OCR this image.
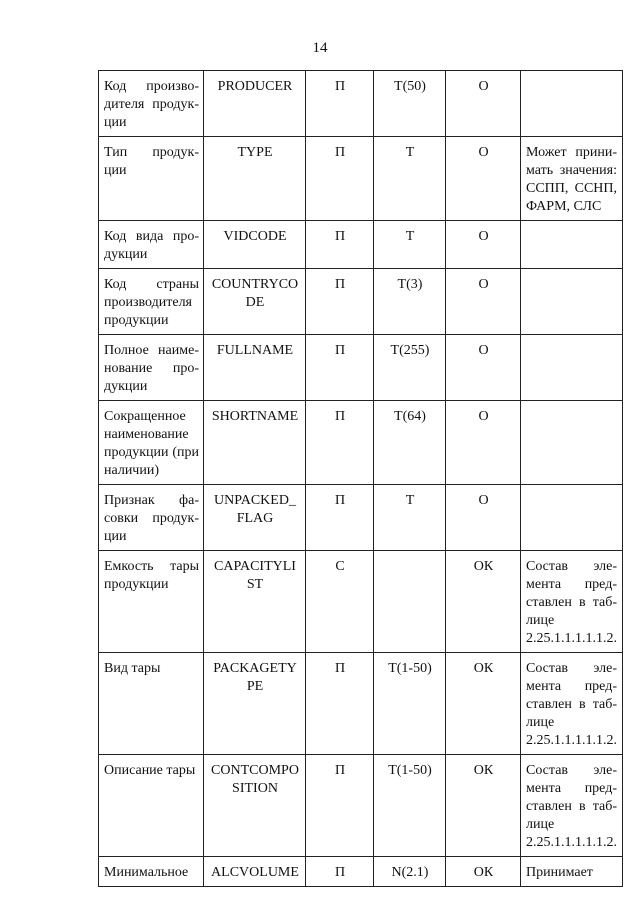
14
Код произво-дителя продук-ции	PRODUCER	П	T(50)	О	
Тип продук-ции	TYPE	П	T	О	Может прини-мать значения: ССПП, ССНП, ФАРМ, СЛС
Код вида про-дукции	VIDCODE	П	T	О	
Код страны производителя продукции	COUNTRYCO DE	П	T(3)	О	
Полное наиме-нование про-дукции	FULLNAME	П	T(255)	О	
Сокращенное наименование продукции (при наличии)	SHORTNAME	П	T(64)	О	
Признак фа-совки продук-ции	UNPACKED_ FLAG	П	T	О	
Емкость тары продукции	CAPACITYLI ST	С		ОК	Состав эле-мента пред-ставлен в таб-лице 2.25.1.1.1.1.1.2.
Вид тары	PACKAGETY PE	П	T(1-50)	ОК	Состав эле-мента пред-ставлен в таб-лице 2.25.1.1.1.1.1.2.
Описание тары	CONTCOMPO SITION	П	T(1-50)	ОК	Состав эле-мента пред-ставлен в таб-лице 2.25.1.1.1.1.1.2.
Минимальное	ALCVOLUME	П	N(2.1)	ОК	Принимает
